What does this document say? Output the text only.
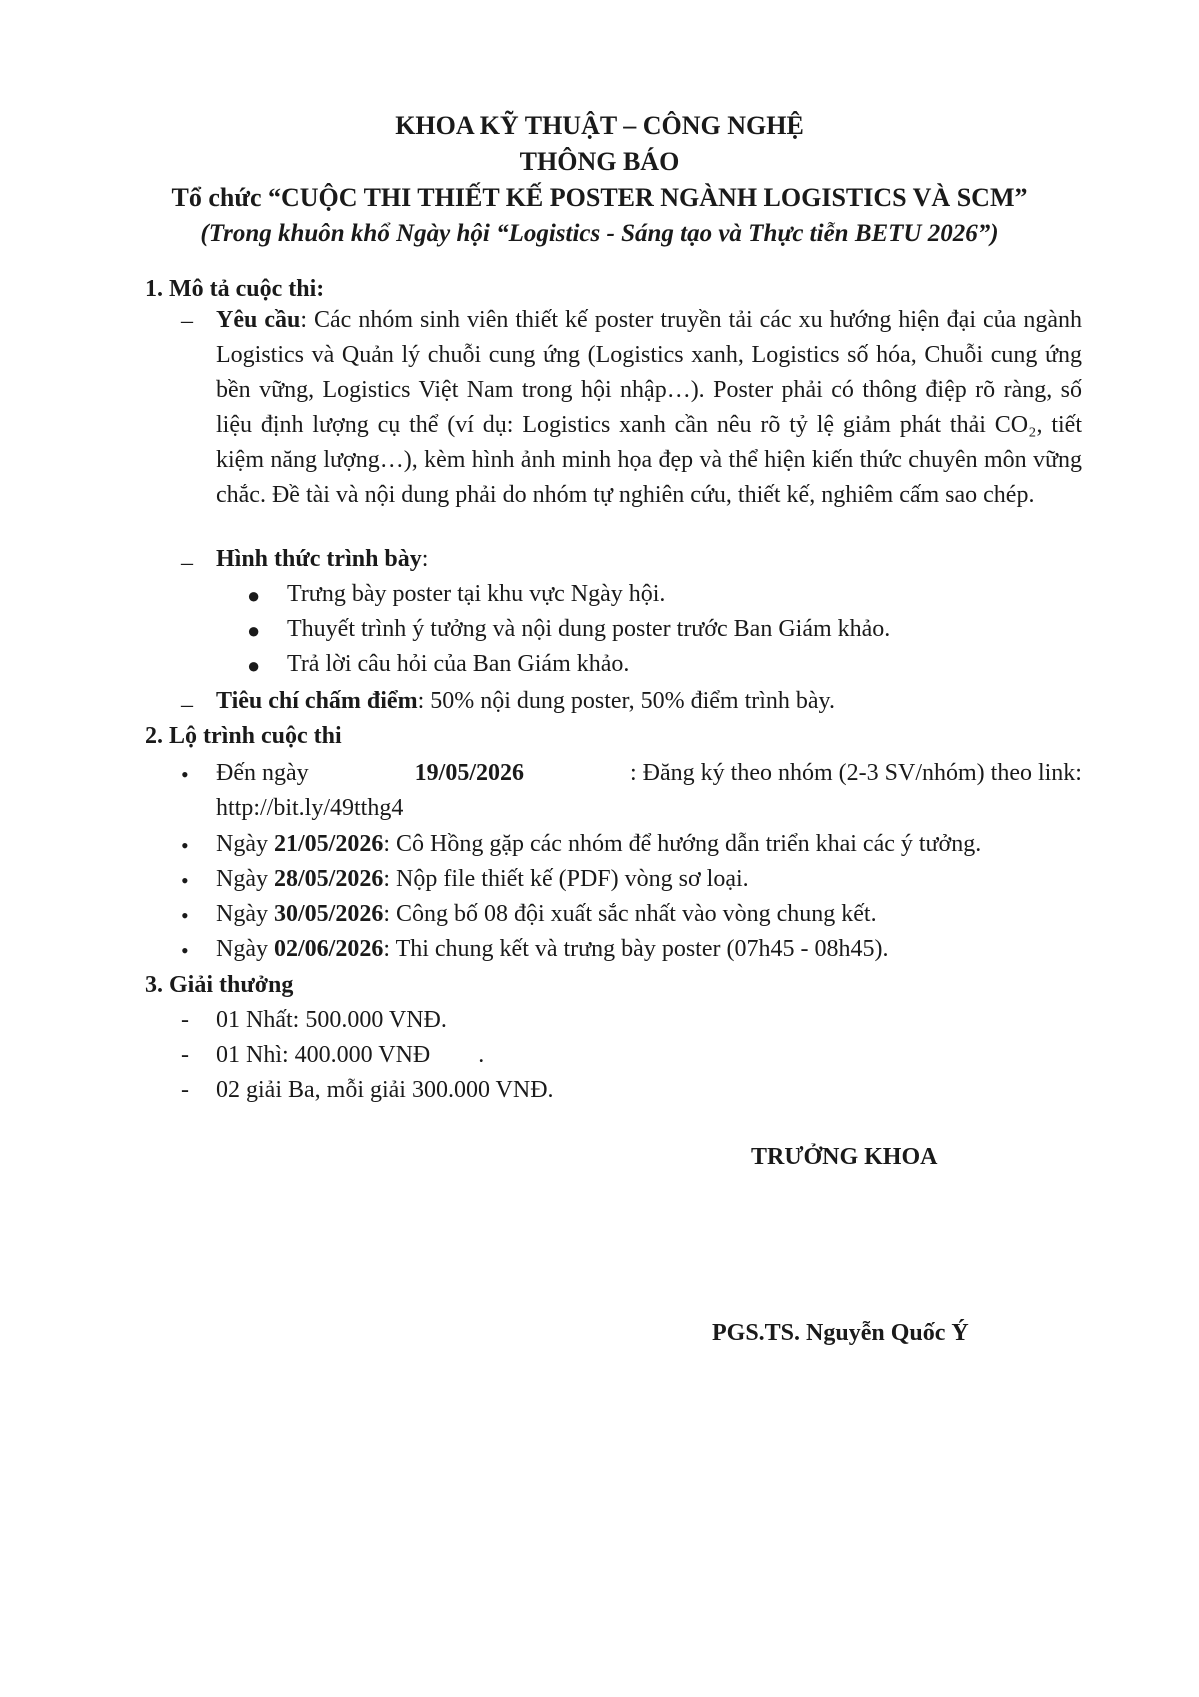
KHOA KỸ THUẬT – CÔNG NGHỆ
THÔNG BÁO
Tổ chức “CUỘC THI THIẾT KẾ POSTER NGÀNH LOGISTICS VÀ SCM”
(Trong khuôn khổ Ngày hội “Logistics - Sáng tạo và Thực tiễn BETU 2026”)
1. Mô tả cuộc thi:
– Yêu cầu: Các nhóm sinh viên thiết kế poster truyền tải các xu hướng hiện đại của ngành Logistics và Quản lý chuỗi cung ứng (Logistics xanh, Logistics số hóa, Chuỗi cung ứng bền vững, Logistics Việt Nam trong hội nhập…). Poster phải có thông điệp rõ ràng, số liệu định lượng cụ thể (ví dụ: Logistics xanh cần nêu rõ tỷ lệ giảm phát thải CO₂, tiết kiệm năng lượng…), kèm hình ảnh minh họa đẹp và thể hiện kiến thức chuyên môn vững chắc. Đề tài và nội dung phải do nhóm tự nghiên cứu, thiết kế, nghiêm cấm sao chép.
– Hình thức trình bày:
● Trưng bày poster tại khu vực Ngày hội.
● Thuyết trình ý tưởng và nội dung poster trước Ban Giám khảo.
● Trả lời câu hỏi của Ban Giám khảo.
– Tiêu chí chấm điểm: 50% nội dung poster, 50% điểm trình bày.
2. Lộ trình cuộc thi
• Đến ngày	19/05/2026	: Đăng ký theo nhóm (2-3 SV/nhóm) theo link:
http://bit.ly/49tthg4
• Ngày 21/05/2026: Cô Hồng gặp các nhóm để hướng dẫn triển khai các ý tưởng.
• Ngày 28/05/2026: Nộp file thiết kế (PDF) vòng sơ loại.
• Ngày 30/05/2026: Công bố 08 đội xuất sắc nhất vào vòng chung kết.
• Ngày 02/06/2026: Thi chung kết và trưng bày poster (07h45 - 08h45).
3. Giải thưởng
- 01 Nhất: 500.000 VNĐ.
- 01 Nhì: 400.000 VNĐ        .
- 02 giải Ba, mỗi giải 300.000 VNĐ.
TRƯỞNG KHOA
PGS.TS. Nguyễn Quốc Ý
